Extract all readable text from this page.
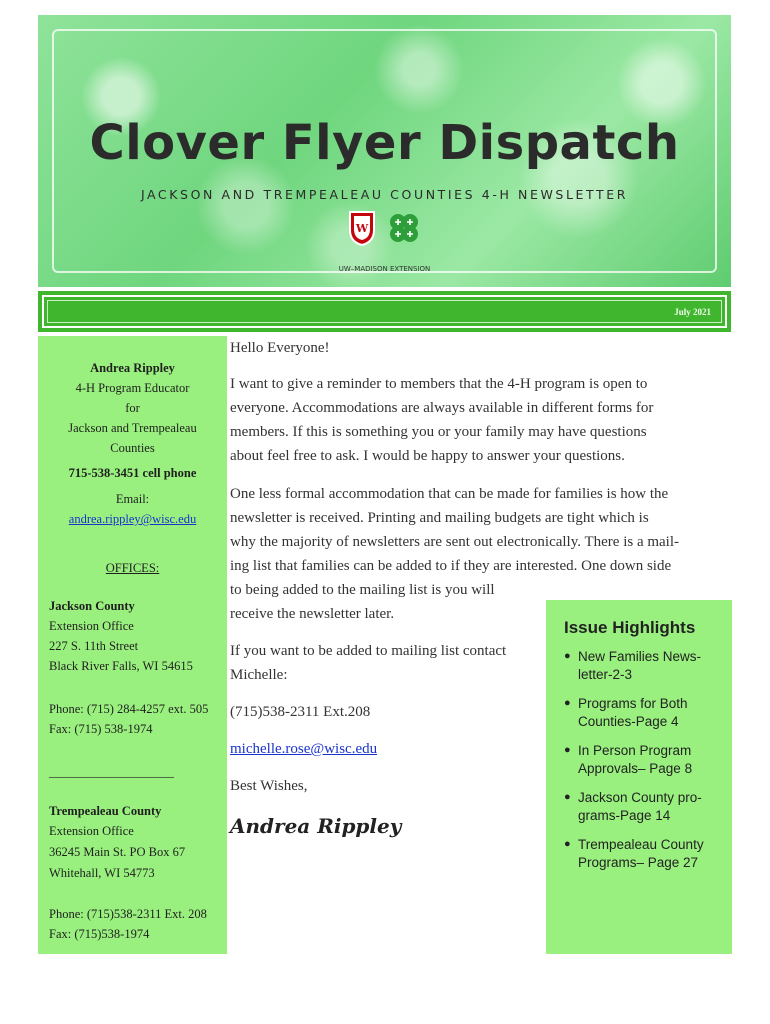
Clover Flyer Dispatch
JACKSON AND TREMPEALEAU COUNTIES 4-H NEWSLETTER
W
UW–MADISON EXTENSION
July 2021
Andrea Rippley
4-H Program Educator
for
Jackson and Trempealeau
Counties
715-538-3451 cell phone
Email:
andrea.rippley@wisc.edu
OFFICES:
Jackson County
Extension Office
227 S. 11th Street
Black River Falls, WI 54615
Phone: (715) 284-4257 ext. 505
Fax: (715) 538-1974
____________________
Trempealeau County
Extension Office
36245 Main St. PO Box 67
Whitehall, WI 54773
Phone: (715)538-2311 Ext. 208
Fax: (715)538-1974

Hello Everyone!

I want to give a reminder to members that the 4-H program is open to

everyone. Accommodations are always available in different forms for

members. If this is something you or your family may have questions

about feel free to ask. I would be happy to answer your questions.

One less formal accommodation that can be made for families is how the

newsletter is received. Printing and mailing budgets are tight which is

why the majority of newsletters are sent out electronically. There is a mail-

ing list that families can be added to if they are interested. One down side

to being added to the mailing list is you will

receive the newsletter later.

If you want to be added to mailing list contact

Michelle:

(715)538-2311 Ext.208

michelle.rose@wisc.edu

Best Wishes,

Andrea Rippley
Issue Highlights
● New Families News-
letter-2-3
● Programs for Both
Counties-Page 4
● In Person Program
Approvals– Page 8
● Jackson County pro-
grams-Page 14
● Trempealeau County
Programs– Page 27
